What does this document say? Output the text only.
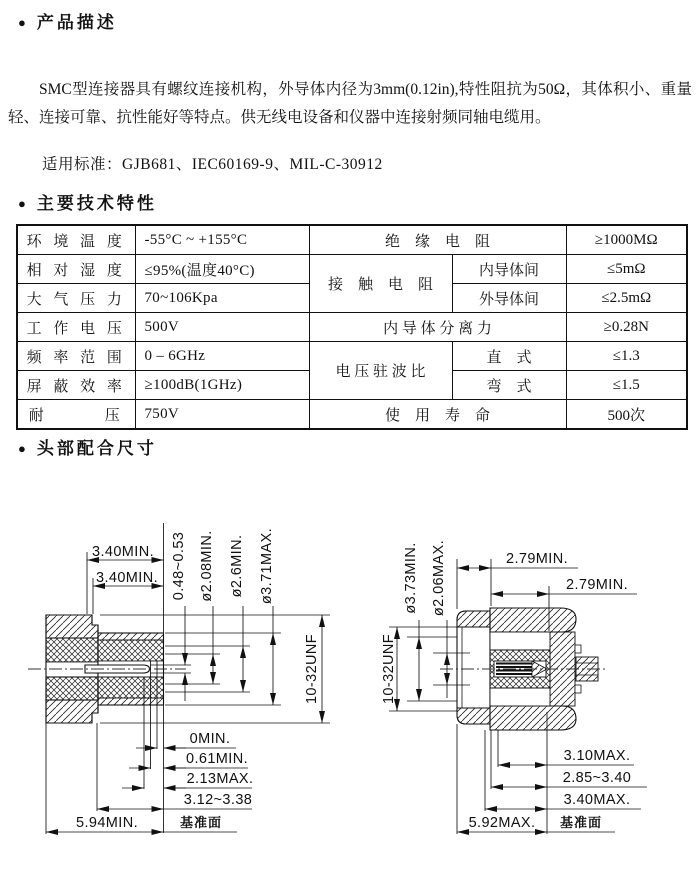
● 产品描述
SMC型连接器具有螺纹连接机构，外导体内径为3mm(0.12in),特性阻抗为50Ω，其体积小、重量轻、连接可靠、抗性能好等特点。供无线电设备和仪器中连接射频同轴电缆用。
适用标准：GJB681、IEC60169-9、MIL-C-30912
● 主要技术特性
环 境 温 度	-55°C ~ +155°C	绝　缘　电　阻		≥1000MΩ
相 对 湿 度	≤95%(温度40°C)	接　触　电　阻	内导体间	≤5mΩ
大 气 压 力	70~106Kpa		外导体间	≤2.5mΩ
工 作 电 压	500V	内 导 体 分 离 力		≥0.28N
频 率 范 围	0 – 6GHz	电 压 驻 波 比	直　式	≤1.3
屏 蔽 效 率	≥100dB(1GHz)		弯　式	≤1.5
耐　　　压	750V	使　用　寿　命		500次
● 头部配合尺寸
3.40MIN.
3.40MIN. 0.48~0.53 ø2.08MIN. ø2.6MIN. ø3.71MAX.
10-32UNF
0MIN.
0.61MIN.
2.13MAX.
3.12~3.38
5.94MIN.	基准面
2.79MIN.
2.79MIN.
10-32UNF
ø3.73MIN. ø2.06MAX.
3.10MAX.
2.85~3.40
3.40MAX.
5.92MAX. 基准面
